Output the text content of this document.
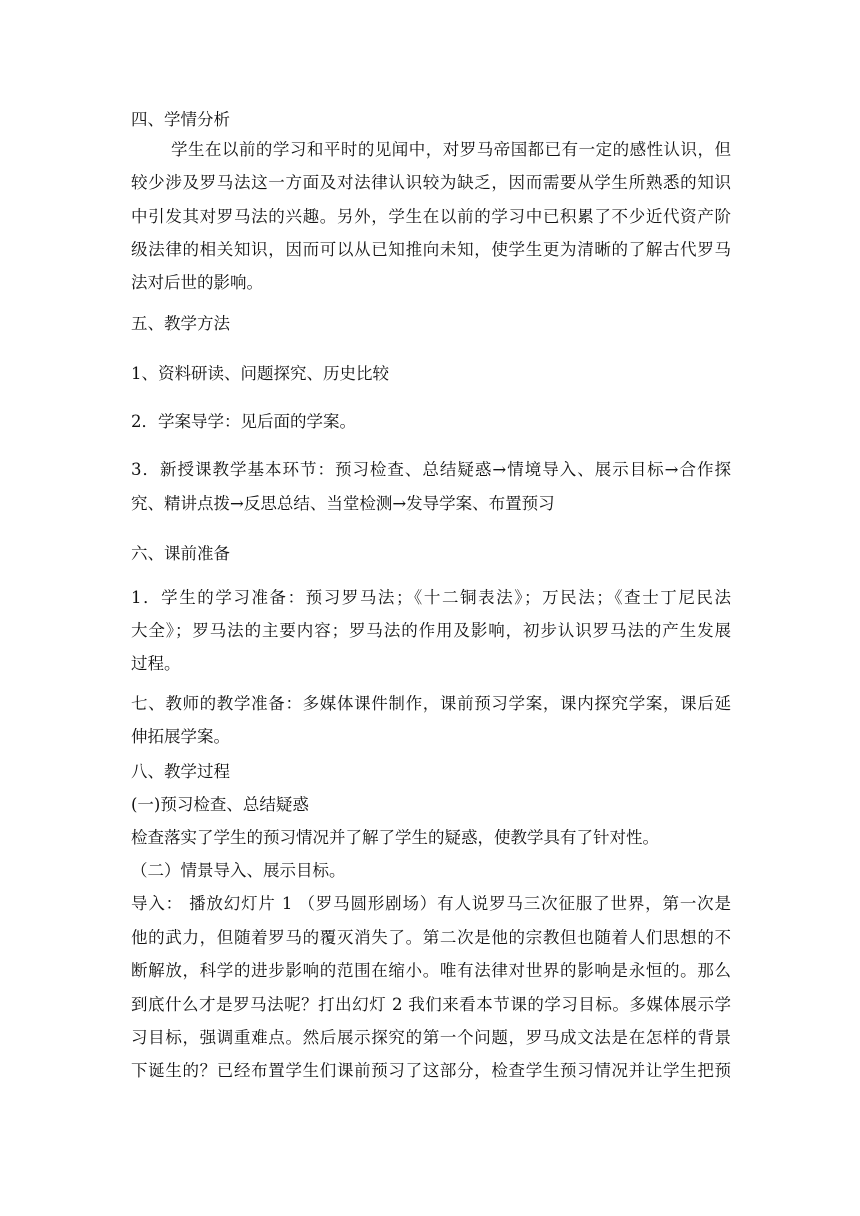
四、学情分析
学生在以前的学习和平时的见闻中，对罗马帝国都已有一定的感性认识，但
较少涉及罗马法这一方面及对法律认识较为缺乏，因而需要从学生所熟悉的知识
中引发其对罗马法的兴趣。另外，学生在以前的学习中已积累了不少近代资产阶
级法律的相关知识，因而可以从已知推向未知，使学生更为清晰的了解古代罗马
法对后世的影响。
五、教学方法
1、资料研读、问题探究、历史比较
2．学案导学：见后面的学案。
3．新授课教学基本环节：预习检查、总结疑惑→情境导入、展示目标→合作探
究、精讲点拨→反思总结、当堂检测→发导学案、布置预习
六、课前准备
1．学生的学习准备：预习罗马法；《十二铜表法》；万民法；《查士丁尼民法
大全》；罗马法的主要内容；罗马法的作用及影响，初步认识罗马法的产生发展
过程。
七、教师的教学准备：多媒体课件制作，课前预习学案，课内探究学案，课后延
伸拓展学案。
八、教学过程
(一)预习检查、总结疑惑
检查落实了学生的预习情况并了解了学生的疑惑，使教学具有了针对性。
（二）情景导入、展示目标。
导入： 播放幻灯片 1 （罗马圆形剧场）有人说罗马三次征服了世界，第一次是
他的武力，但随着罗马的覆灭消失了。第二次是他的宗教但也随着人们思想的不
断解放，科学的进步影响的范围在缩小。唯有法律对世界的影响是永恒的。那么
到底什么才是罗马法呢？打出幻灯 2 我们来看本节课的学习目标。多媒体展示学
习目标，强调重难点。然后展示探究的第一个问题，罗马成文法是在怎样的背景
下诞生的？已经布置学生们课前预习了这部分，检查学生预习情况并让学生把预
